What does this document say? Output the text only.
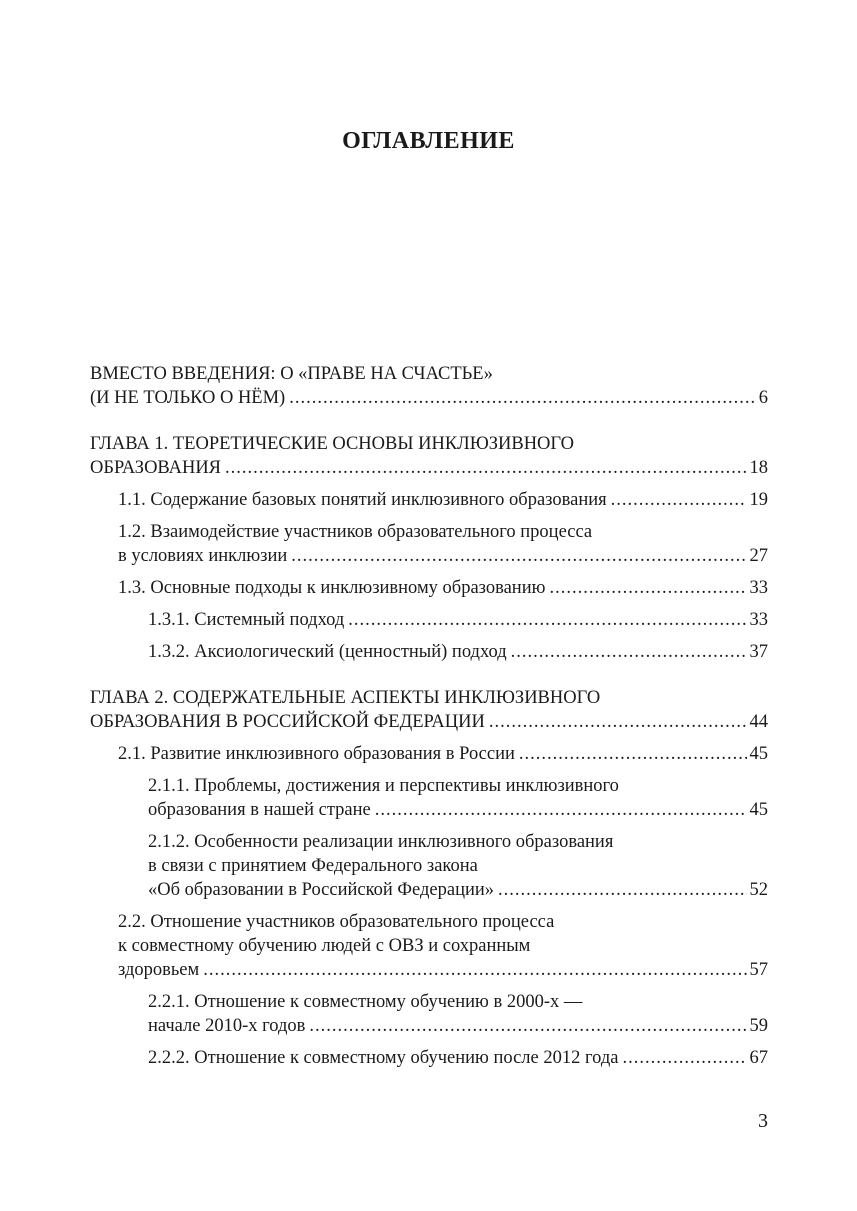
ОГЛАВЛЕНИЕ
ВМЕСТО ВВЕДЕНИЯ: О «ПРАВЕ НА СЧАСТЬЕ»
(И НЕ ТОЛЬКО О НЁМ) .....	6
ГЛАВА 1. ТЕОРЕТИЧЕСКИЕ ОСНОВЫ ИНКЛЮЗИВНОГО
ОБРАЗОВАНИЯ .....	18
1.1. Содержание базовых понятий инклюзивного образования .....	19
1.2. Взаимодействие участников образовательного процесса
в условиях инклюзии .....	27
1.3. Основные подходы к инклюзивному образованию .....	33
1.3.1. Системный подход .....	33
1.3.2. Аксиологический (ценностный) подход .....	37
ГЛАВА 2. СОДЕРЖАТЕЛЬНЫЕ АСПЕКТЫ ИНКЛЮЗИВНОГО
ОБРАЗОВАНИЯ В РОССИЙСКОЙ ФЕДЕРАЦИИ .....	44
2.1. Развитие инклюзивного образования в России .....	45
2.1.1. Проблемы, достижения и перспективы инклюзивного
образования в нашей стране .....	45
2.1.2. Особенности реализации инклюзивного образования
в связи с принятием Федерального закона
«Об образовании в Российской Федерации» .....	52
2.2. Отношение участников образовательного процесса
к совместному обучению людей с ОВЗ и сохранным
здоровьем .....	57
2.2.1. Отношение к совместному обучению в 2000-х —
начале 2010-х годов .....	59
2.2.2. Отношение к совместному обучению после 2012 года .....	67
3
